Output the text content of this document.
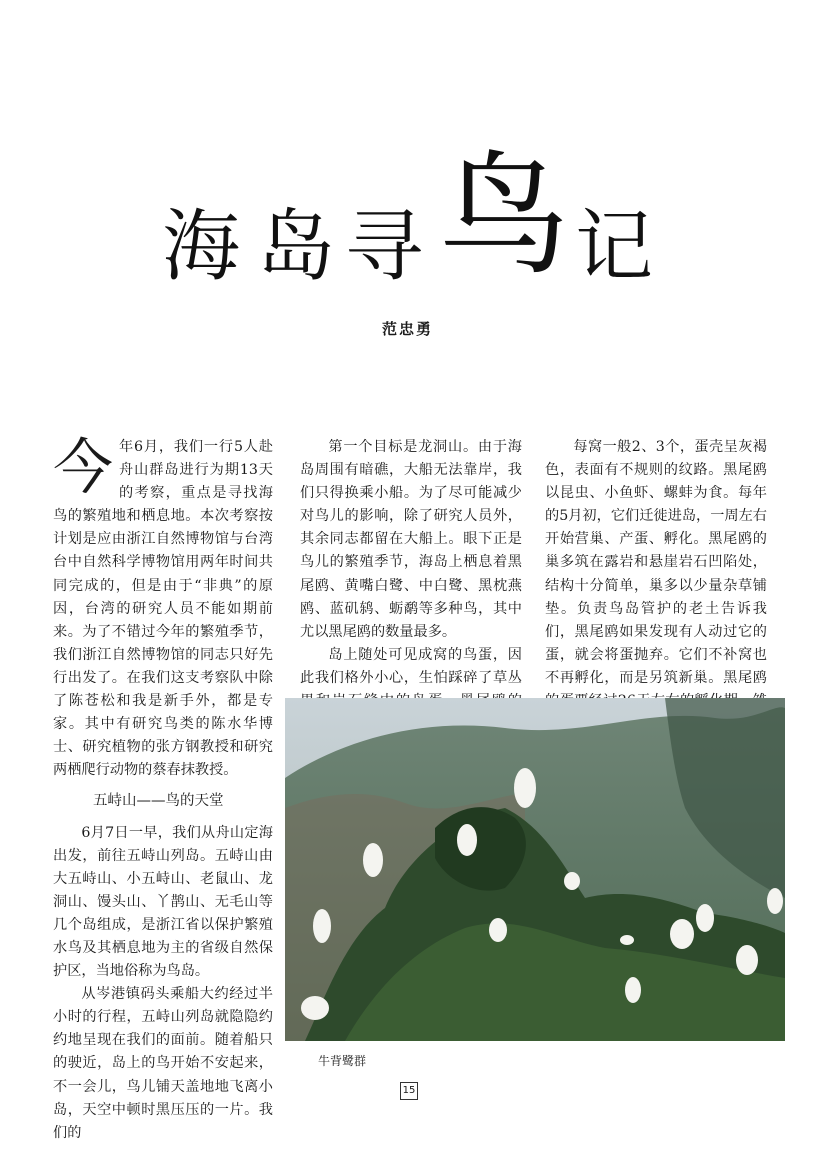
海 岛 寻 鸟 记
范忠勇

今年6月，我们一行5人赴舟山群岛进行为期13天的考察，重点是寻找海鸟的繁殖地和栖息地。本次考察按计划是应由浙江自然博物馆与台湾台中自然科学博物馆用两年时间共同完成的，但是由于“非典”的原因，台湾的研究人员不能如期前来。为了不错过今年的繁殖季节，我们浙江自然博物馆的同志只好先行出发了。在我们这支考察队中除了陈苍松和我是新手外，都是专家。其中有研究鸟类的陈水华博士、研究植物的张方钢教授和研究两栖爬行动物的蔡春抹教授。

五峙山——鸟的天堂

6月7日一早，我们从舟山定海出发，前往五峙山列岛。五峙山由大五峙山、小五峙山、老鼠山、龙洞山、馒头山、丫鹊山、无毛山等几个岛组成，是浙江省以保护繁殖水鸟及其栖息地为主的省级自然保护区，当地俗称为鸟岛。

从岑港镇码头乘船大约经过半小时的行程，五峙山列岛就隐隐约约地呈现在我们的面前。随着船只的驶近，岛上的鸟开始不安起来，不一会儿，鸟儿铺天盖地地飞离小岛，天空中顿时黑压压的一片。我们的

第一个目标是龙洞山。由于海岛周围有暗礁，大船无法靠岸，我们只得换乘小船。为了尽可能减少对鸟儿的影响，除了研究人员外，其余同志都留在大船上。眼下正是鸟儿的繁殖季节，海岛上栖息着黑尾鸥、黄嘴白鹭、中白鹭、黑枕燕鸥、蓝矶鸫、蛎鹬等多种鸟，其中尤以黑尾鸥的数量最多。

岛上随处可见成窝的鸟蛋，因此我们格外小心，生怕踩碎了草丛

每窝一般2、3个，蛋壳呈灰褐色，表面有不规则的纹路。黑尾鸥以昆虫、小鱼虾、螺蚌为食。每年的5月初，它们迁徙进岛，一周左右开始营巢、产蛋、孵化。黑尾鸥的巢多筑在露岩和悬崖岩石凹陷处，结构十分简单，巢多以少量杂草铺垫。负责鸟岛管护的老土告诉我们，黑尾鸥如果发现有人动过它的蛋，就会将蛋抛弃。它们不补窝也不再孵化，而是另筑新巢。黑尾鸥

牛背鹭群
15
